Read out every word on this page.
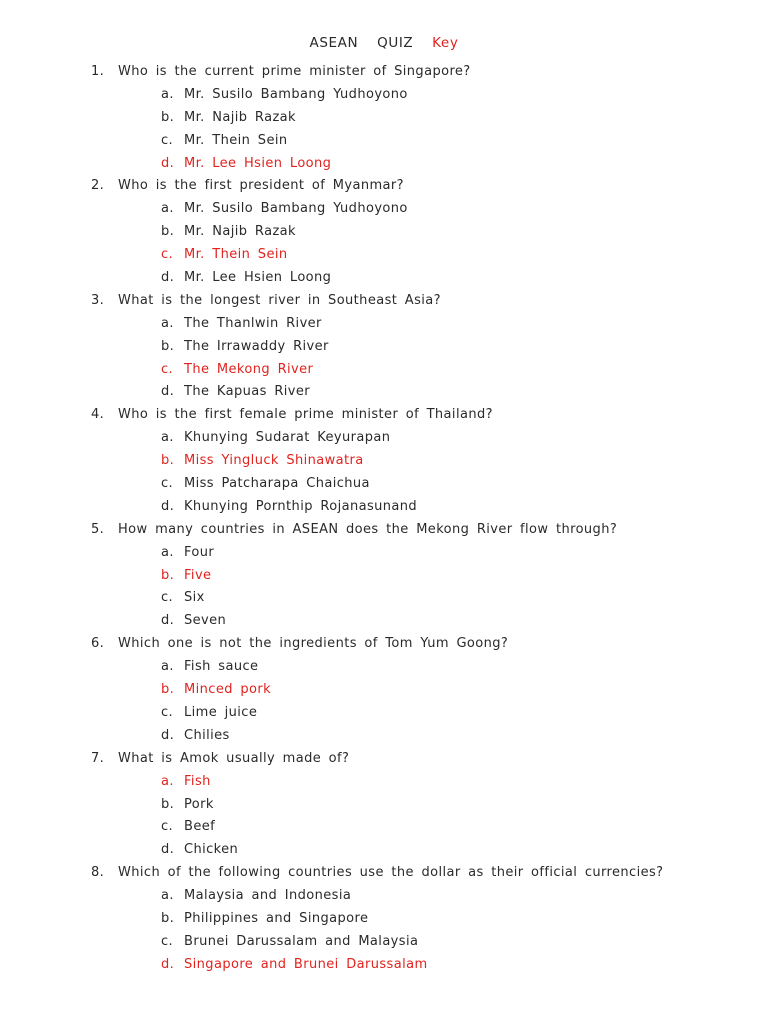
ASEAN QUIZ Key
1. Who is the current prime minister of Singapore?
a. Mr. Susilo Bambang Yudhoyono
b. Mr. Najib Razak
c. Mr. Thein Sein
d. Mr. Lee Hsien Loong
2. Who is the first president of Myanmar?
a. Mr. Susilo Bambang Yudhoyono
b. Mr. Najib Razak
c. Mr. Thein Sein
d. Mr. Lee Hsien Loong
3. What is the longest river in Southeast Asia?
a. The Thanlwin River
b. The Irrawaddy River
c. The Mekong River
d. The Kapuas River
4. Who is the first female prime minister of Thailand?
a. Khunying Sudarat Keyurapan
b. Miss Yingluck Shinawatra
c. Miss Patcharapa Chaichua
d. Khunying Pornthip Rojanasunand
5. How many countries in ASEAN does the Mekong River flow through?
a. Four
b. Five
c. Six
d. Seven
6. Which one is not the ingredients of Tom Yum Goong?
a. Fish sauce
b. Minced pork
c. Lime juice
d. Chilies
7. What is Amok usually made of?
a. Fish
b. Pork
c. Beef
d. Chicken
8. Which of the following countries use the dollar as their official currencies?
a. Malaysia and Indonesia
b. Philippines and Singapore
c. Brunei Darussalam and Malaysia
d. Singapore and Brunei Darussalam
